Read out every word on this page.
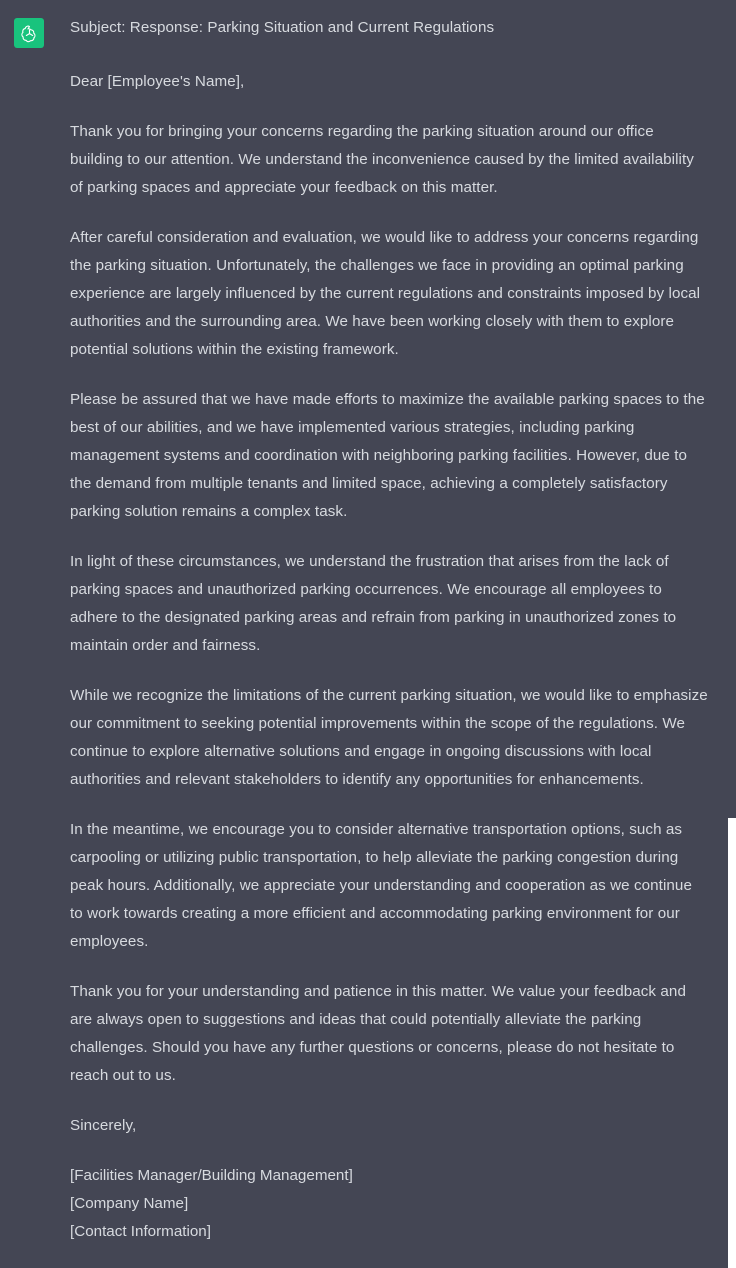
Subject: Response: Parking Situation and Current Regulations

Dear [Employee's Name],

Thank you for bringing your concerns regarding the parking situation around our office building to our attention. We understand the inconvenience caused by the limited availability of parking spaces and appreciate your feedback on this matter.

After careful consideration and evaluation, we would like to address your concerns regarding the parking situation. Unfortunately, the challenges we face in providing an optimal parking experience are largely influenced by the current regulations and constraints imposed by local authorities and the surrounding area. We have been working closely with them to explore potential solutions within the existing framework.

Please be assured that we have made efforts to maximize the available parking spaces to the best of our abilities, and we have implemented various strategies, including parking management systems and coordination with neighboring parking facilities. However, due to the demand from multiple tenants and limited space, achieving a completely satisfactory parking solution remains a complex task.

In light of these circumstances, we understand the frustration that arises from the lack of parking spaces and unauthorized parking occurrences. We encourage all employees to adhere to the designated parking areas and refrain from parking in unauthorized zones to maintain order and fairness.

While we recognize the limitations of the current parking situation, we would like to emphasize our commitment to seeking potential improvements within the scope of the regulations. We continue to explore alternative solutions and engage in ongoing discussions with local authorities and relevant stakeholders to identify any opportunities for enhancements.

In the meantime, we encourage you to consider alternative transportation options, such as carpooling or utilizing public transportation, to help alleviate the parking congestion during peak hours. Additionally, we appreciate your understanding and cooperation as we continue to work towards creating a more efficient and accommodating parking environment for our employees.

Thank you for your understanding and patience in this matter. We value your feedback and are always open to suggestions and ideas that could potentially alleviate the parking challenges. Should you have any further questions or concerns, please do not hesitate to reach out to us.

Sincerely,

[Facilities Manager/Building Management]
[Company Name]
[Contact Information]
